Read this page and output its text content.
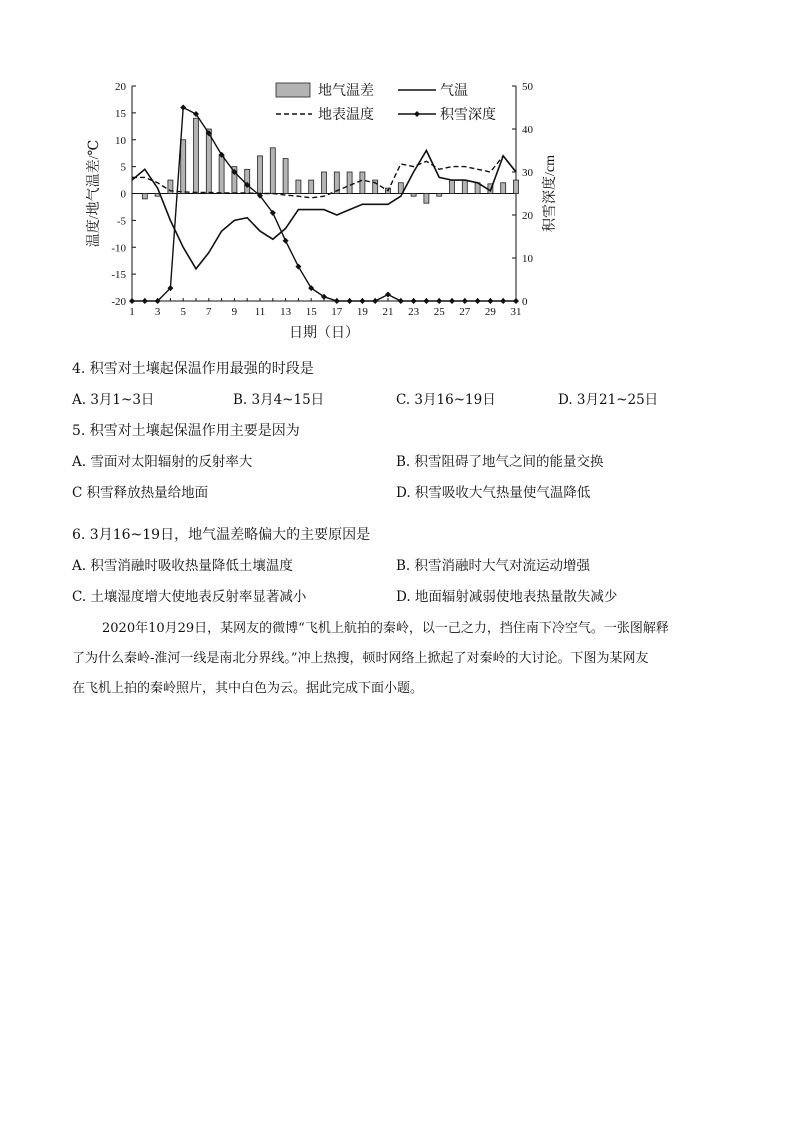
20
15
10
5
0
-5
-10
-15
-20
50
40
30
20
10
0
1 3 5 7 9 11 13 15 17 19 21 23 25 27 29 31
日期（日）
温度/地气温差/℃	积雪深度/cm
地气温差	气温
地表温度	积雪深度
4. 积雪对土壤起保温作用最强的时段是
A. 3月1~3日	B. 3月4~15日	C. 3月16~19日	D. 3月21~25日
5. 积雪对土壤起保温作用主要是因为
A. 雪面对太阳辐射的反射率大	B. 积雪阻碍了地气之间的能量交换
C 积雪释放热量给地面	D. 积雪吸收大气热量使气温降低
6. 3月16~19日，地气温差略偏大的主要原因是
A. 积雪消融时吸收热量降低土壤温度	B. 积雪消融时大气对流运动增强
C. 土壤湿度增大使地表反射率显著减小	D. 地面辐射减弱使地表热量散失减少

2020年10月29日，某网友的微博“飞机上航拍的秦岭，以一己之力，挡住南下冷空气。一张图解释

了为什么秦岭-淮河一线是南北分界线。”冲上热搜，顿时网络上掀起了对秦岭的大讨论。下图为某网友
在飞机上拍的秦岭照片，其中白色为云。据此完成下面小题。
